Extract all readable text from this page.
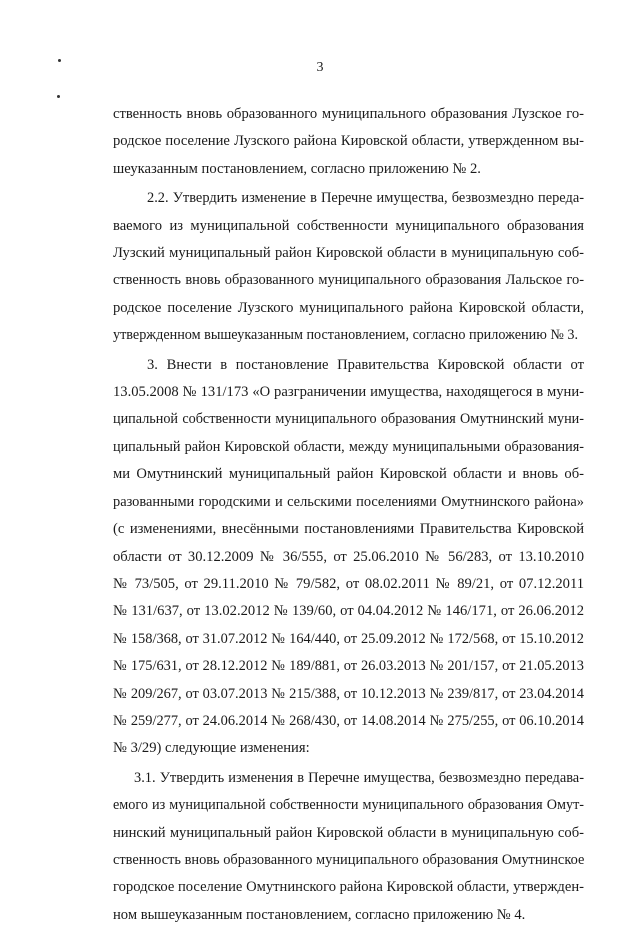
3
ственность вновь образованного муниципального образования Лузское го-
родское поселение Лузского района Кировской области, утвержденном вы-
шеуказанным постановлением, согласно приложению № 2.
2.2. Утвердить изменение в Перечне имущества, безвозмездно переда-
ваемого из муниципальной собственности муниципального образования
Лузский муниципальный район Кировской области в муниципальную соб-
ственность вновь образованного муниципального образования Лальское го-
родское поселение Лузского муниципального района Кировской области,
утвержденном вышеуказанным постановлением, согласно приложению № 3.
3. Внести в постановление Правительства Кировской области от
13.05.2008 № 131/173 «О разграничении имущества, находящегося в муни-
ципальной собственности муниципального образования Омутнинский муни-
ципальный район Кировской области, между муниципальными образования-
ми Омутнинский муниципальный район Кировской области и вновь об-
разованными городскими и сельскими поселениями Омутнинского района»
(с изменениями, внесёнными постановлениями Правительства Кировской
области от 30.12.2009 № 36/555, от 25.06.2010 № 56/283, от 13.10.2010
№ 73/505, от 29.11.2010 № 79/582, от 08.02.2011 № 89/21, от 07.12.2011
№ 131/637, от 13.02.2012 № 139/60, от 04.04.2012 № 146/171, от 26.06.2012
№ 158/368, от 31.07.2012 № 164/440, от 25.09.2012 № 172/568, от 15.10.2012
№ 175/631, от 28.12.2012 № 189/881, от 26.03.2013 № 201/157, от 21.05.2013
№ 209/267, от 03.07.2013 № 215/388, от 10.12.2013 № 239/817, от 23.04.2014
№ 259/277, от 24.06.2014 № 268/430, от 14.08.2014 № 275/255, от 06.10.2014
№ 3/29) следующие изменения:
3.1. Утвердить изменения в Перечне имущества, безвозмездно передава-
емого из муниципальной собственности муниципального образования Омут-
нинский муниципальный район Кировской области в муниципальную соб-
ственность вновь образованного муниципального образования Омутнинское
городское поселение Омутнинского района Кировской области, утвержден-
ном вышеуказанным постановлением, согласно приложению № 4.
